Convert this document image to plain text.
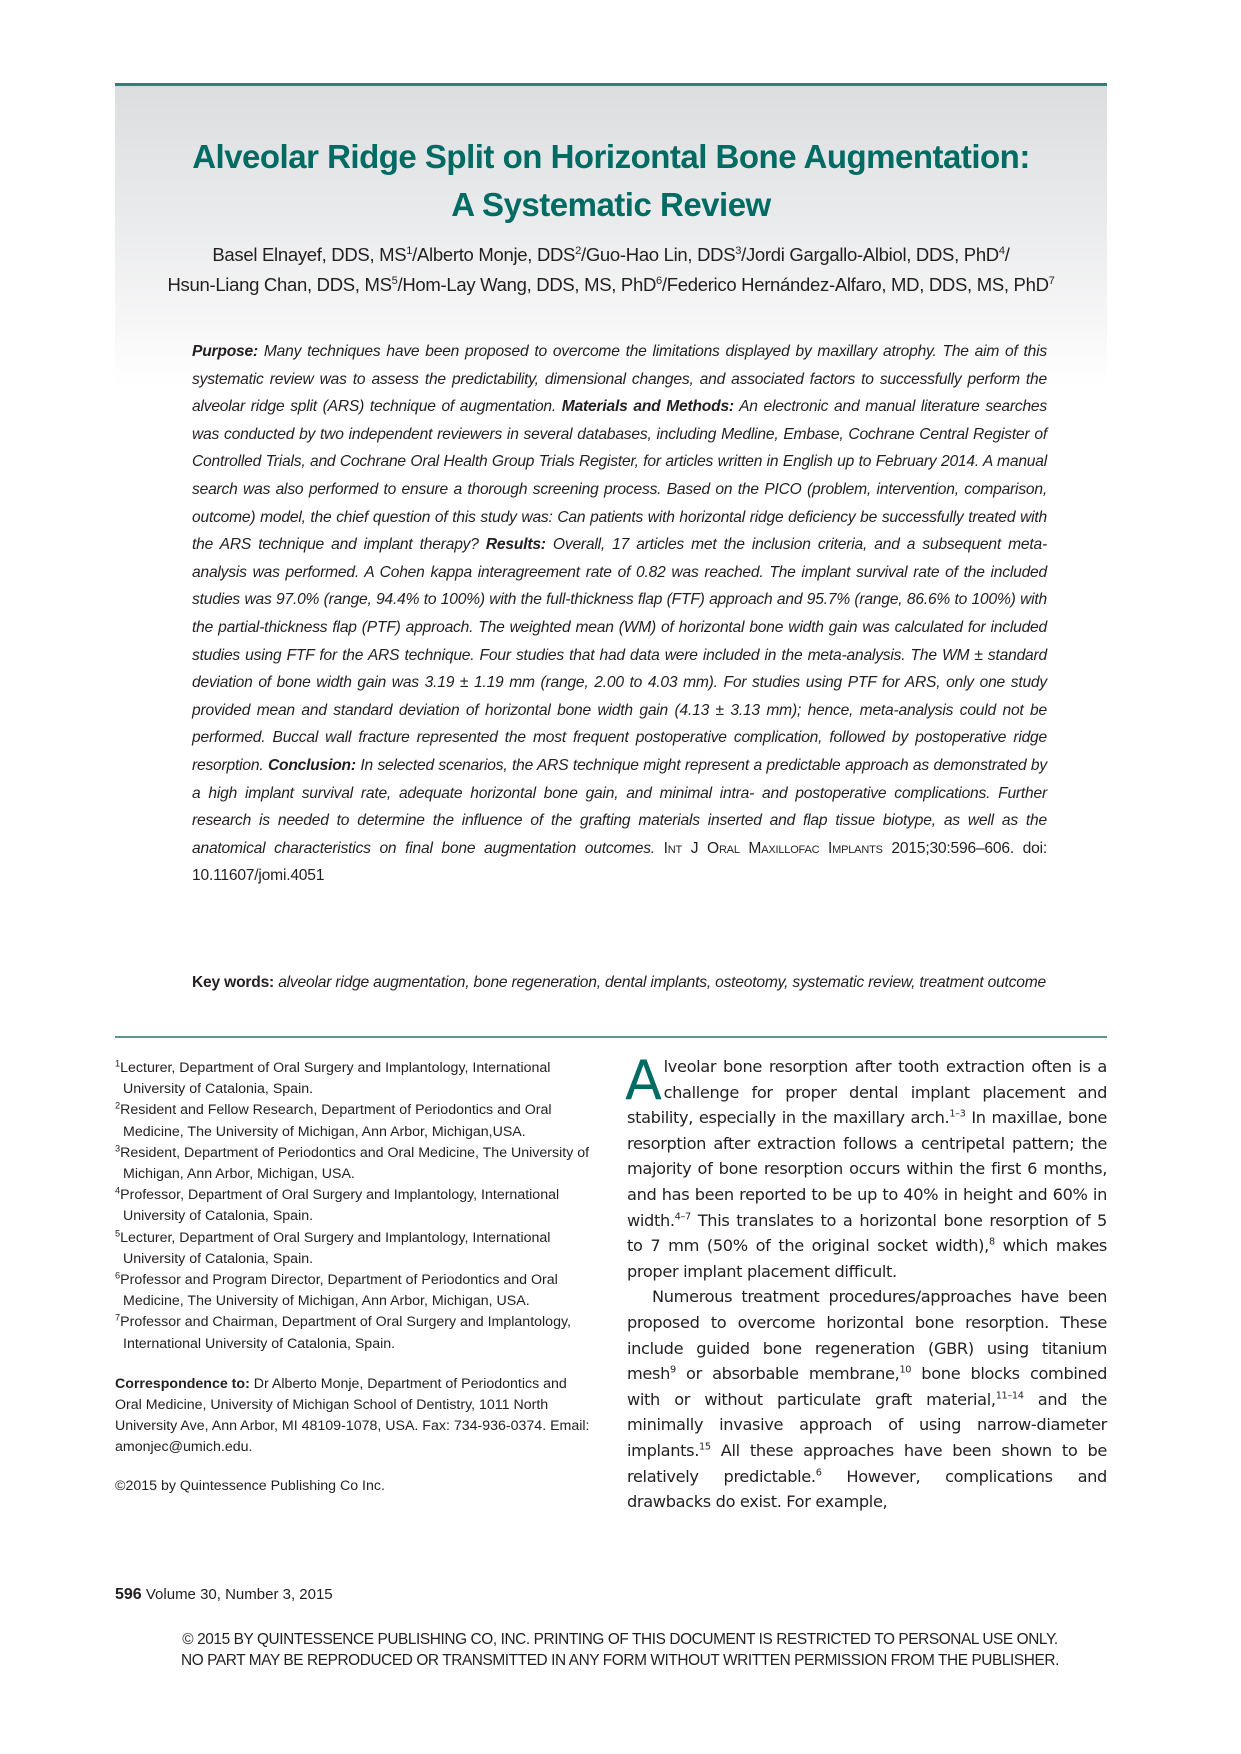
Alveolar Ridge Split on Horizontal Bone Augmentation:
A Systematic Review
Basel Elnayef, DDS, $MS^1$/Alberto Monje, DDS$^2$/Guo-Hao Lin, DDS$^3$/Jordi Gargallo-Albiol, DDS, PhD$^4$/
Hsun-Liang Chan, DDS, $MS^5/Hom$-Lay Wang, DDS, MS, PhD$^6$/Federico Hernández-Alfaro, MD, DDS, MS, PhD$^7$
Purpose: Many techniques have been proposed to overcome the limitations displayed by maxillary atrophy. The aim of this systematic review was to assess the predictability, dimensional changes, and associated factors to successfully perform the alveolar ridge split (ARS) technique of augmentation. Materials and Methods: An electronic and manual literature searches was conducted by two independent reviewers in several databases, including Medline, Embase, Cochrane Central Register of Controlled Trials, and Cochrane Oral Health Group Trials Register, for articles written in English up to February 2014. A manual search was also performed to ensure a thorough screening process. Based on the PICO (problem, intervention, comparison, outcome) model, the chief question of this study was: Can patients with horizontal ridge deficiency be successfully treated with the ARS technique and implant therapy? Results: Overall, 17 articles met the inclusion criteria, and a subsequent meta-analysis was performed. A Cohen kappa interagreement rate of 0.82 was reached. The implant survival rate of the included studies was 97.0% (range, 94.4% to 100%) with the full-thickness flap (FTF) approach and 95.7% (range, 86.6% to 100%) with the partial-thickness flap (PTF) approach. The weighted mean (WM) of horizontal bone width gain was calculated for included studies using FTF for the ARS technique. Four studies that had data were included in the meta-analysis. The WM ± standard deviation of bone width gain was 3.19 ± 1.19 mm (range, 2.00 to 4.03 mm). For studies using PTF for ARS, only one study provided mean and standard deviation of horizontal bone width gain (4.13 ± 3.13 mm); hence, meta-analysis could not be performed. Buccal wall fracture represented the most frequent postoperative complication, followed by postoperative ridge resorption. Conclusion: In selected scenarios, the ARS technique might represent a predictable approach as demonstrated by a high implant survival rate, adequate horizontal bone gain, and minimal intra- and postoperative complications. Further research is needed to determine the influence of the grafting materials inserted and flap tissue biotype, as well as the anatomical characteristics on final bone augmentation outcomes. Int J Oral Maxillofac Implants 2015;30:596–606. doi: 10.11607/jomi.4051
Key words: alveolar ridge augmentation, bone regeneration, dental implants, osteotomy, systematic review, treatment outcome
$^1$Lecturer, Department of Oral Surgery and Implantology, International University of Catalonia, Spain.
$^2$Resident and Fellow Research, Department of Periodontics and Oral Medicine, The University of Michigan, Ann Arbor, Michigan,USA.
$^3$Resident, Department of Periodontics and Oral Medicine, The University of Michigan, Ann Arbor, Michigan, USA.
$^4$Professor, Department of Oral Surgery and Implantology, International University of Catalonia, Spain.
$^5$Lecturer, Department of Oral Surgery and Implantology, International University of Catalonia, Spain.
$^6$Professor and Program Director, Department of Periodontics and Oral Medicine, The University of Michigan, Ann Arbor, Michigan, USA.
$^7$Professor and Chairman, Department of Oral Surgery and Implantology, International University of Catalonia, Spain.
Correspondence to: Dr Alberto Monje, Department of Periodontics and Oral Medicine, University of Michigan School of Dentistry, 1011 North University Ave, Ann Arbor, MI 48109-1078, USA. Fax: 734-936-0374. Email: amonjec@umich.edu.
©2015 by Quintessence Publishing Co Inc.

Alveolar bone resorption after tooth extraction often is a challenge for proper dental implant placement and stability, especially in the maxillary arch.$^{1-3}$ In maxillae, bone resorption after extraction follows a centripetal pattern; the majority of bone resorption occurs within the first 6 months, and has been reported to be up to 40% in height and 60% in width.$^{4-7}$ This translates to a horizontal bone resorption of 5 to 7 mm (50% of the original socket width),$^8$ which makes proper implant placement difficult.

Numerous treatment procedures/approaches have been proposed to overcome horizontal bone resorption. These include guided bone regeneration (GBR) using titanium mesh$^9$ or absorbable membrane,$^{10}$ bone blocks combined with or without particulate graft material,$^{11-14}$ and the minimally invasive approach of using narrow-diameter implants.$^{15}$ All these approaches have been shown to be relatively predictable.$^6$ However, complications and drawbacks do exist. For example,

596 Volume 30, Number 3, 2015
© 2015 BY QUINTESSENCE PUBLISHING CO, INC. PRINTING OF THIS DOCUMENT IS RESTRICTED TO PERSONAL USE ONLY.
NO PART MAY BE REPRODUCED OR TRANSMITTED IN ANY FORM WITHOUT WRITTEN PERMISSION FROM THE PUBLISHER.
